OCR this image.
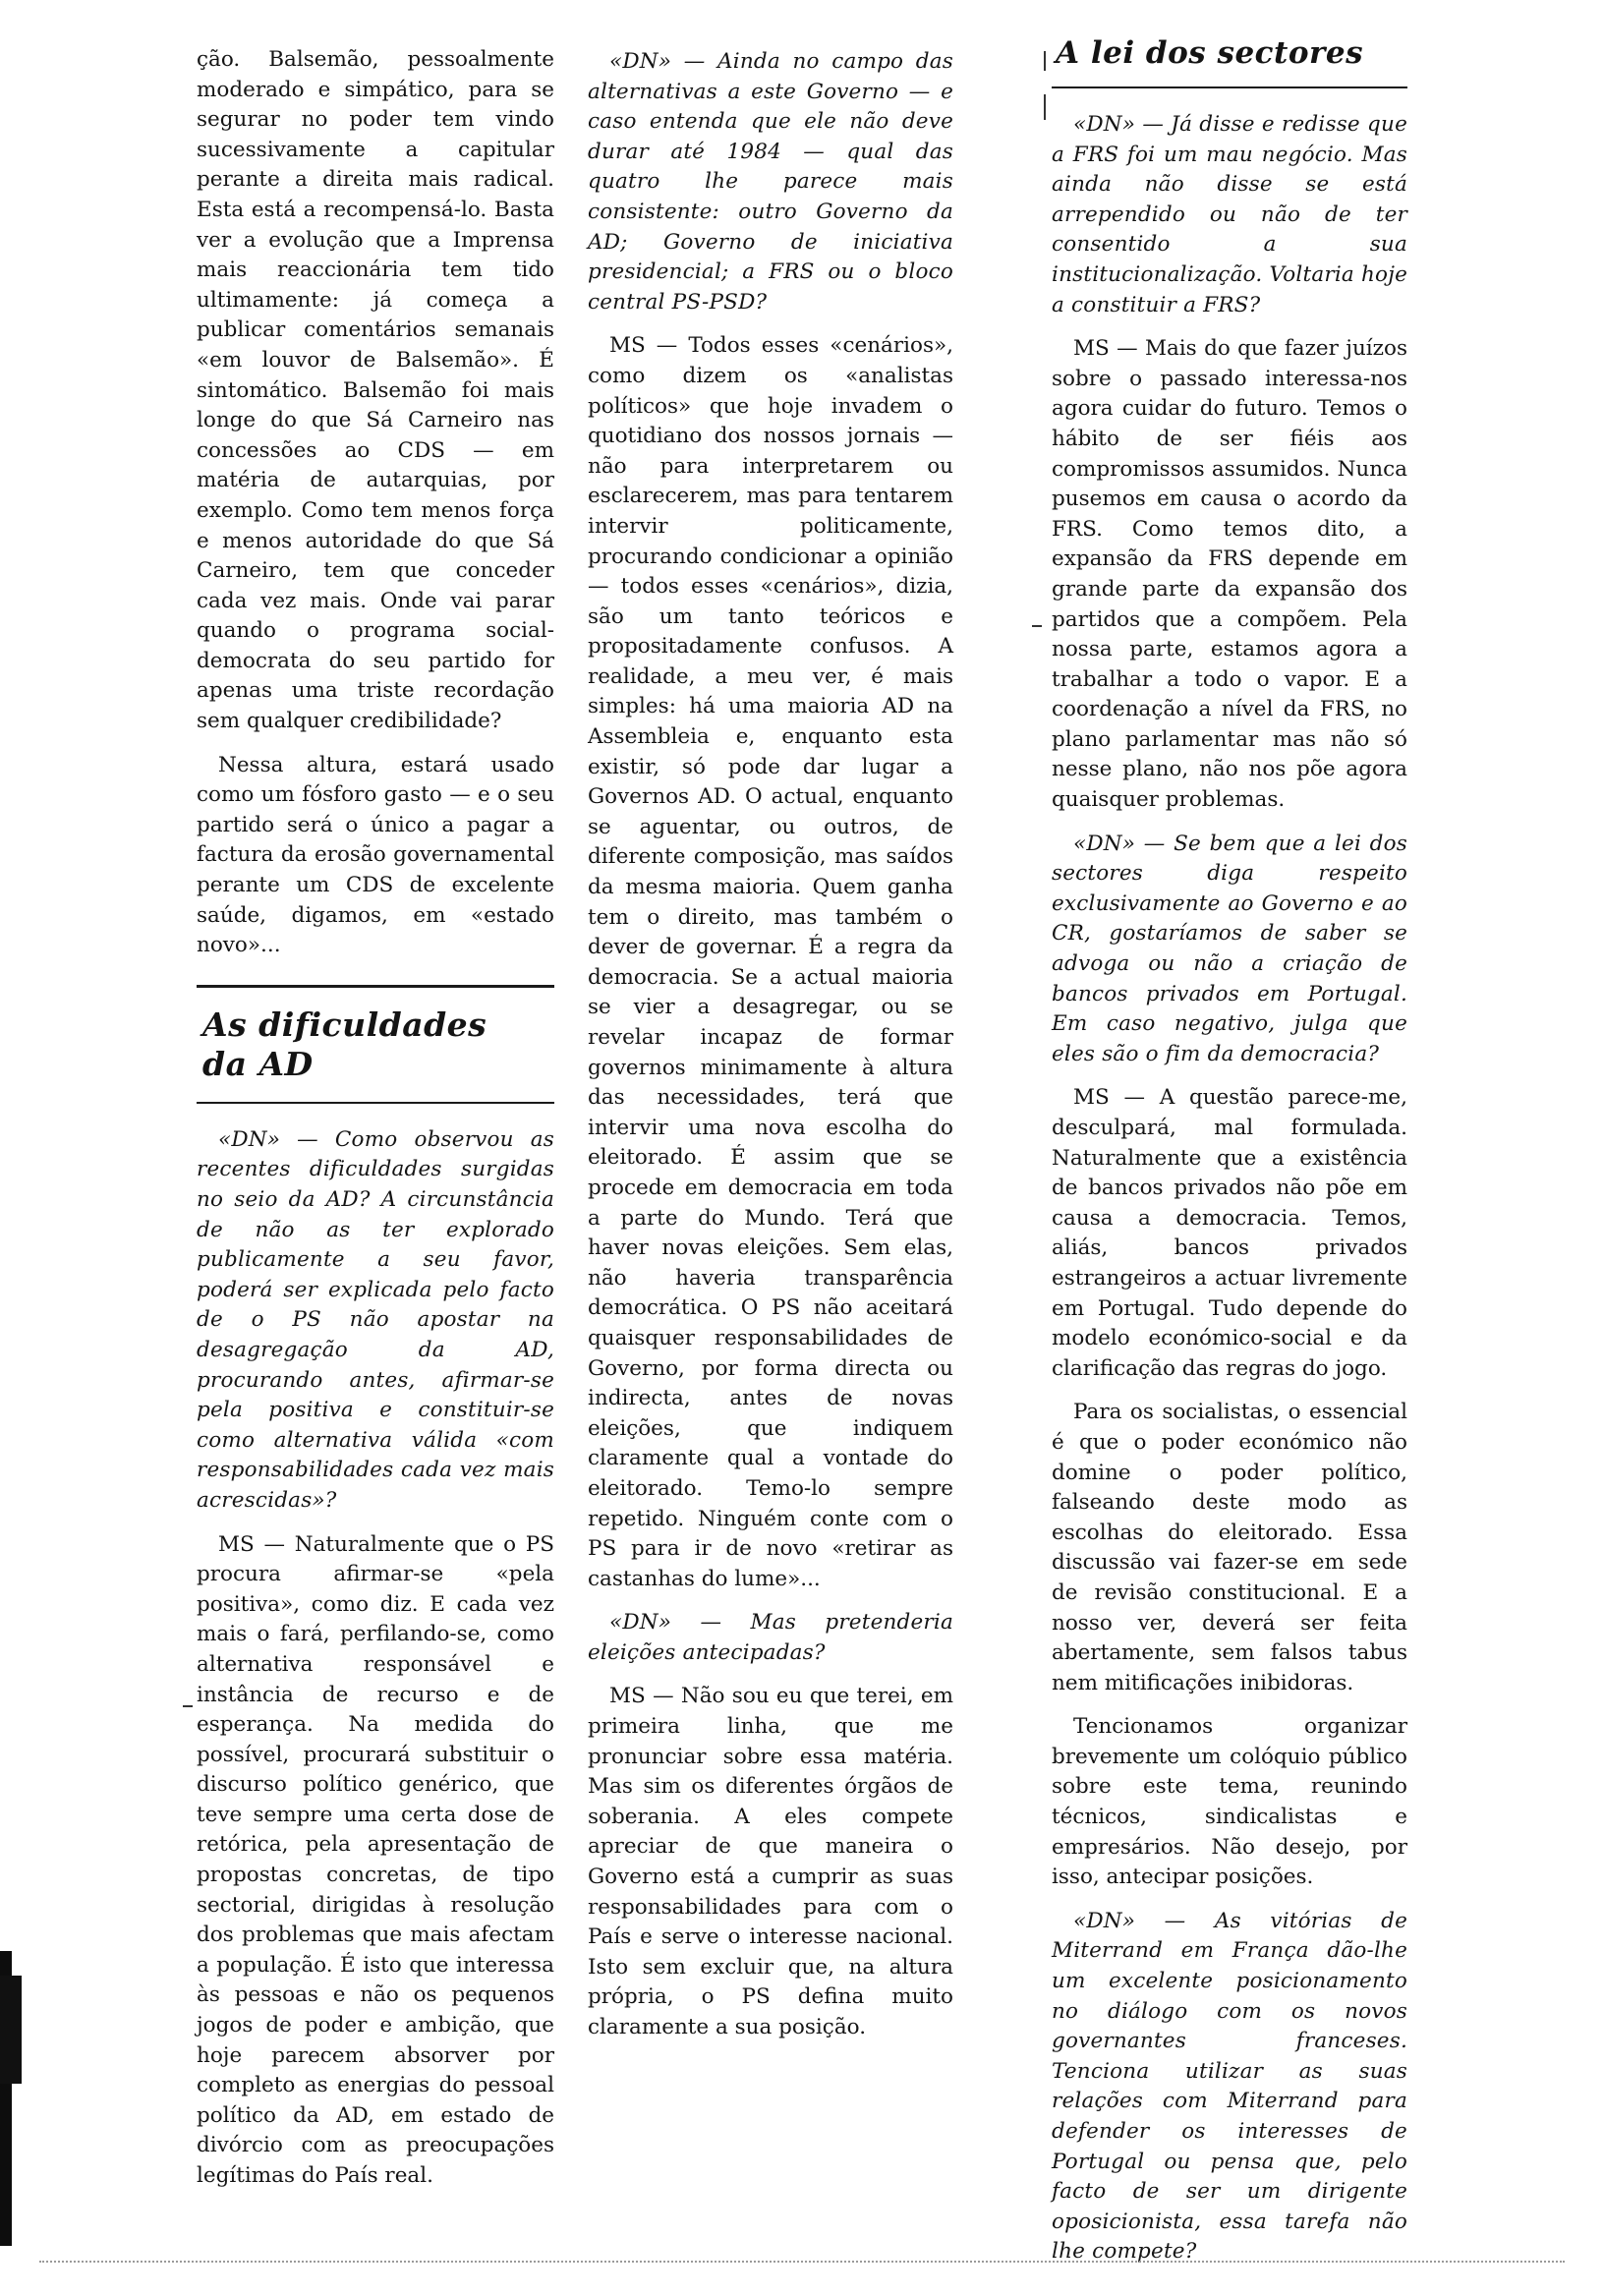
ção. Balsemão, pessoalmente moderado e simpático, para se segurar no poder tem vindo sucessivamente a capitular perante a direita mais radical. Esta está a recompensá-lo. Basta ver a evolução que a Imprensa mais reaccionária tem tido ultimamente: já começa a publicar comentários semanais «em louvor de Balsemão». É sintomático. Balsemão foi mais longe do que Sá Carneiro nas concessões ao CDS — em matéria de autarquias, por exemplo. Como tem menos força e menos autoridade do que Sá Carneiro, tem que conceder cada vez mais. Onde vai parar quando o programa social-democrata do seu partido for apenas uma triste recordação sem qualquer credibilidade?

Nessa altura, estará usado como um fósforo gasto — e o seu partido será o único a pagar a factura da erosão governamental perante um CDS de excelente saúde, digamos, em «estado novo»...

As dificuldades
da AD

«DN» — Como observou as recentes dificuldades surgidas no seio da AD? A circunstância de não as ter explorado publicamente a seu favor, poderá ser explicada pelo facto de o PS não apostar na desagregação da AD, procurando antes, afirmar-se pela positiva e constituir-se como alternativa válida «com responsabilidades cada vez mais acrescidas»?

MS — Naturalmente que o PS procura afirmar-se «pela positiva», como diz. E cada vez mais o fará, perfilando-se, como alternativa responsável e instância de recurso e de esperança. Na medida do possível, procurará substituir o discurso político genérico, que teve sempre uma certa dose de retórica, pela apresentação de propostas concretas, de tipo sectorial, dirigidas à resolução dos problemas que mais afectam a população. É isto que interessa às pessoas e não os pequenos jogos de poder e ambição, que hoje parecem absorver por completo as energias do pessoal político da AD, em estado de divórcio com as preocupações legítimas do País real.

«DN» — Ainda no campo das alternativas a este Governo — e caso entenda que ele não deve durar até 1984 — qual das quatro lhe parece mais consistente: outro Governo da AD; Governo de iniciativa presidencial; a FRS ou o bloco central PS-PSD?

MS — Todos esses «cenários», como dizem os «analistas políticos» que hoje invadem o quotidiano dos nossos jornais — não para interpretarem ou esclarecerem, mas para tentarem intervir politicamente, procurando condicionar a opinião — todos esses «cenários», dizia, são um tanto teóricos e propositadamente confusos. A realidade, a meu ver, é mais simples: há uma maioria AD na Assembleia e, enquanto esta existir, só pode dar lugar a Governos AD. O actual, enquanto se aguentar, ou outros, de diferente composição, mas saídos da mesma maioria. Quem ganha tem o direito, mas também o dever de governar. É a regra da democracia. Se a actual maioria se vier a desagregar, ou se revelar incapaz de formar governos minimamente à altura das necessidades, terá que intervir uma nova escolha do eleitorado. É assim que se procede em democracia em toda a parte do Mundo. Terá que haver novas eleições. Sem elas, não haveria transparência democrática. O PS não aceitará quaisquer responsabilidades de Governo, por forma directa ou indirecta, antes de novas eleições, que indiquem claramente qual a vontade do eleitorado. Temo-lo sempre repetido. Ninguém conte com o PS para ir de novo «retirar as castanhas do lume»...

«DN» — Mas pretenderia eleições antecipadas?

MS — Não sou eu que terei, em primeira linha, que me pronunciar sobre essa matéria. Mas sim os diferentes órgãos de soberania. A eles compete apreciar de que maneira o Governo está a cumprir as suas responsabilidades para com o País e serve o interesse nacional. Isto sem excluir que, na altura própria, o PS defina muito claramente a sua posição.

A lei dos sectores

«DN» — Já disse e redisse que a FRS foi um mau negócio. Mas ainda não disse se está arrependido ou não de ter consentido a sua institucionalização. Voltaria hoje a constituir a FRS?

MS — Mais do que fazer juízos sobre o passado interessa-nos agora cuidar do futuro. Temos o hábito de ser fiéis aos compromissos assumidos. Nunca pusemos em causa o acordo da FRS. Como temos dito, a expansão da FRS depende em grande parte da expansão dos partidos que a compõem. Pela nossa parte, estamos agora a trabalhar a todo o vapor. E a coordenação a nível da FRS, no plano parlamentar mas não só nesse plano, não nos põe agora quaisquer problemas.

«DN» — Se bem que a lei dos sectores diga respeito exclusivamente ao Governo e ao CR, gostaríamos de saber se advoga ou não a criação de bancos privados em Portugal. Em caso negativo, julga que eles são o fim da democracia?

MS — A questão parece-me, desculpará, mal formulada. Naturalmente que a existência de bancos privados não põe em causa a democracia. Temos, aliás, bancos privados estrangeiros a actuar livremente em Portugal. Tudo depende do modelo económico-social e da clarificação das regras do jogo.

Para os socialistas, o essencial é que o poder económico não domine o poder político, falseando deste modo as escolhas do eleitorado. Essa discussão vai fazer-se em sede de revisão constitucional. E a nosso ver, deverá ser feita abertamente, sem falsos tabus nem mitificações inibidoras.

Tencionamos organizar brevemente um colóquio público sobre este tema, reunindo técnicos, sindicalistas e empresários. Não desejo, por isso, antecipar posições.

«DN» — As vitórias de Miterrand em França dão-lhe um excelente posicionamento no diálogo com os novos governantes franceses. Tenciona utilizar as suas relações com Miterrand para defender os interesses de Portugal ou pensa que, pelo facto de ser um dirigente oposicionista, essa tarefa não lhe compete?
